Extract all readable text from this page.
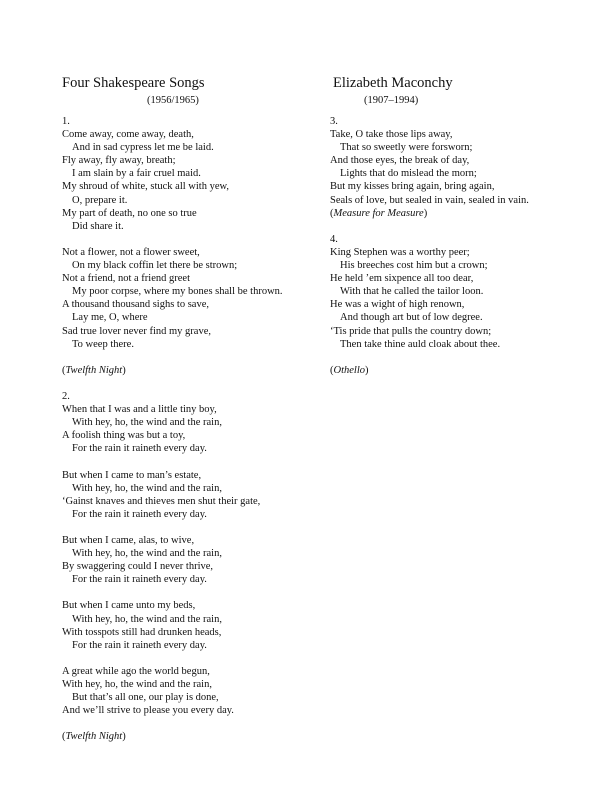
Four Shakespeare Songs
(1956/1965)
Elizabeth Maconchy
(1907–1994)
1.
Come away, come away, death,
And in sad cypress let me be laid.
Fly away, fly away, breath;
I am slain by a fair cruel maid.
My shroud of white, stuck all with yew,
O, prepare it.
My part of death, no one so true
Did share it.
Not a flower, not a flower sweet,
On my black coffin let there be strown;
Not a friend, not a friend greet
My poor corpse, where my bones shall be thrown.
A thousand thousand sighs to save,
Lay me, O, where
Sad true lover never find my grave,
To weep there.
(Twelfth Night)
2.
When that I was and a little tiny boy,
With hey, ho, the wind and the rain,
A foolish thing was but a toy,
For the rain it raineth every day.
But when I came to man’s estate,
With hey, ho, the wind and the rain,
‘Gainst knaves and thieves men shut their gate,
For the rain it raineth every day.
But when I came, alas, to wive,
With hey, ho, the wind and the rain,
By swaggering could I never thrive,
For the rain it raineth every day.
But when I came unto my beds,
With hey, ho, the wind and the rain,
With tosspots still had drunken heads,
For the rain it raineth every day.
A great while ago the world begun,
With hey, ho, the wind and the rain,
But that’s all one, our play is done,
And we’ll strive to please you every day.
(Twelfth Night)
3.
Take, O take those lips away,
That so sweetly were forsworn;
And those eyes, the break of day,
Lights that do mislead the morn;
But my kisses bring again, bring again,
Seals of love, but sealed in vain, sealed in vain.
(Measure for Measure)
4.
King Stephen was a worthy peer;
His breeches cost him but a crown;
He held ’em sixpence all too dear,
With that he called the tailor loon.
He was a wight of high renown,
And though art but of low degree.
‘Tis pride that pulls the country down;
Then take thine auld cloak about thee.
(Othello)
